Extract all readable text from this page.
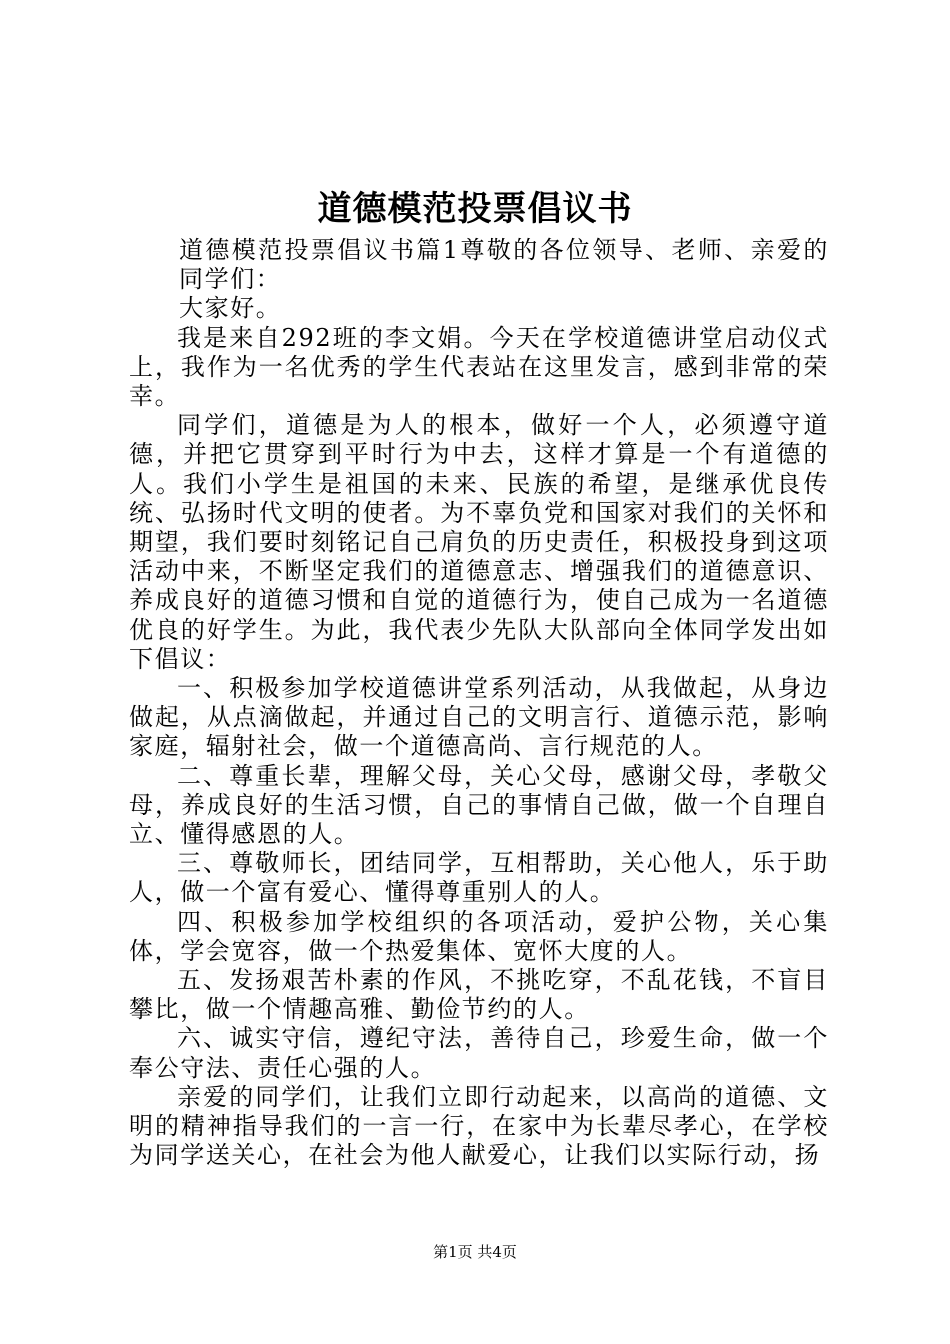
道德模范投票倡议书

道德模范投票倡议书篇1尊敬的各位领导、老师、亲爱的同学们：

大家好。

我是来自292班的李文娟。今天在学校道德讲堂启动仪式上，我作为一名优秀的学生代表站在这里发言，感到非常的荣幸。

同学们，道德是为人的根本，做好一个人，必须遵守道德，并把它贯穿到平时行为中去，这样才算是一个有道德的人。我们小学生是祖国的未来、民族的希望，是继承优良传统、弘扬时代文明的使者。为不辜负党和国家对我们的关怀和期望，我们要时刻铭记自己肩负的历史责任，积极投身到这项活动中来，不断坚定我们的道德意志、增强我们的道德意识、养成良好的道德习惯和自觉的道德行为，使自己成为一名道德优良的好学生。为此，我代表少先队大队部向全体同学发出如下倡议：

一、积极参加学校道德讲堂系列活动，从我做起，从身边做起，从点滴做起，并通过自己的文明言行、道德示范，影响家庭，辐射社会，做一个道德高尚、言行规范的人。

二、尊重长辈，理解父母，关心父母，感谢父母，孝敬父母，养成良好的生活习惯，自己的事情自己做，做一个自理自立、懂得感恩的人。

三、尊敬师长，团结同学，互相帮助，关心他人，乐于助人，做一个富有爱心、懂得尊重别人的人。

四、积极参加学校组织的各项活动，爱护公物，关心集体，学会宽容，做一个热爱集体、宽怀大度的人。

五、发扬艰苦朴素的作风，不挑吃穿，不乱花钱，不盲目攀比，做一个情趣高雅、勤俭节约的人。

六、诚实守信，遵纪守法，善待自己，珍爱生命，做一个奉公守法、责任心强的人。

亲爱的同学们，让我们立即行动起来，以高尚的道德、文明的精神指导我们的一言一行，在家中为长辈尽孝心，在学校为同学送关心，在社会为他人献爱心，让我们以实际行动，扬

第1页 共4页
